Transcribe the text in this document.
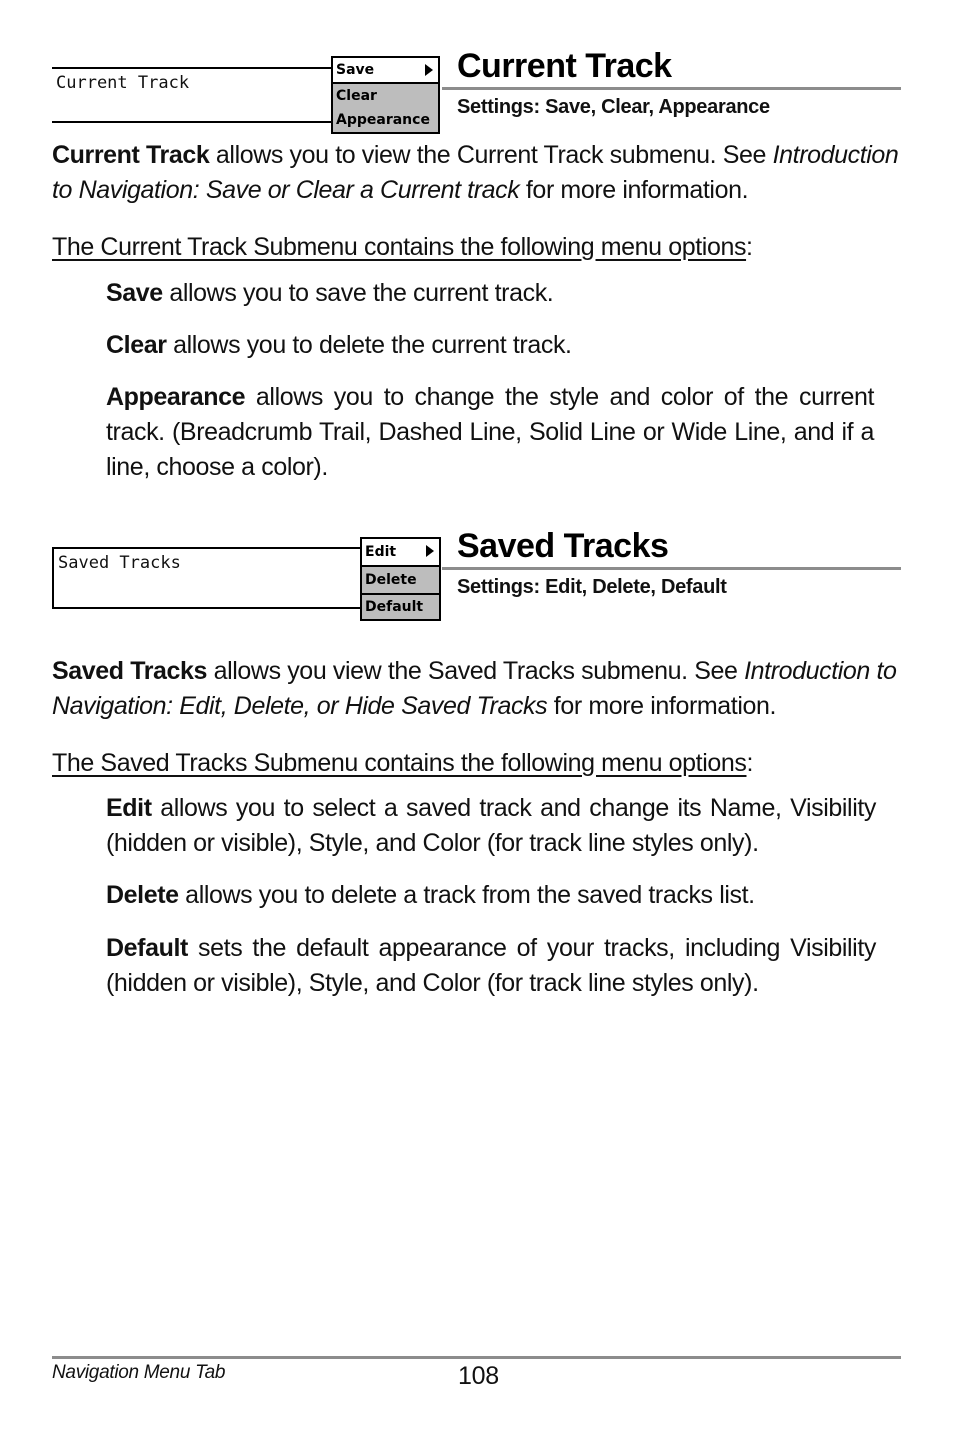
Current Track
Save
Clear
Appearance
Current Track
Settings: Save, Clear, Appearance
Current Track allows you to view the Current Track submenu. See Introduction to Navigation: Save or Clear a Current track for more information.
The Current Track Submenu contains the following menu options:
Save allows you to save the current track.
Clear allows you to delete the current track.
Appearance allows you to change the style and color of the current track. (Breadcrumb Trail, Dashed Line, Solid Line or Wide Line, and if a line, choose a color).
Saved Tracks
Edit
Delete
Default
Saved Tracks
Settings: Edit, Delete, Default
Saved Tracks allows you view the Saved Tracks submenu. See Introduction to Navigation: Edit, Delete, or Hide Saved Tracks for more information.
The Saved Tracks Submenu contains the following menu options:
Edit allows you to select a saved track and change its Name, Visibility (hidden or visible), Style, and Color (for track line styles only).
Delete allows you to delete a track from the saved tracks list.
Default sets the default appearance of your tracks, including Visibility (hidden or visible), Style, and Color (for track line styles only).
Navigation Menu Tab	108
